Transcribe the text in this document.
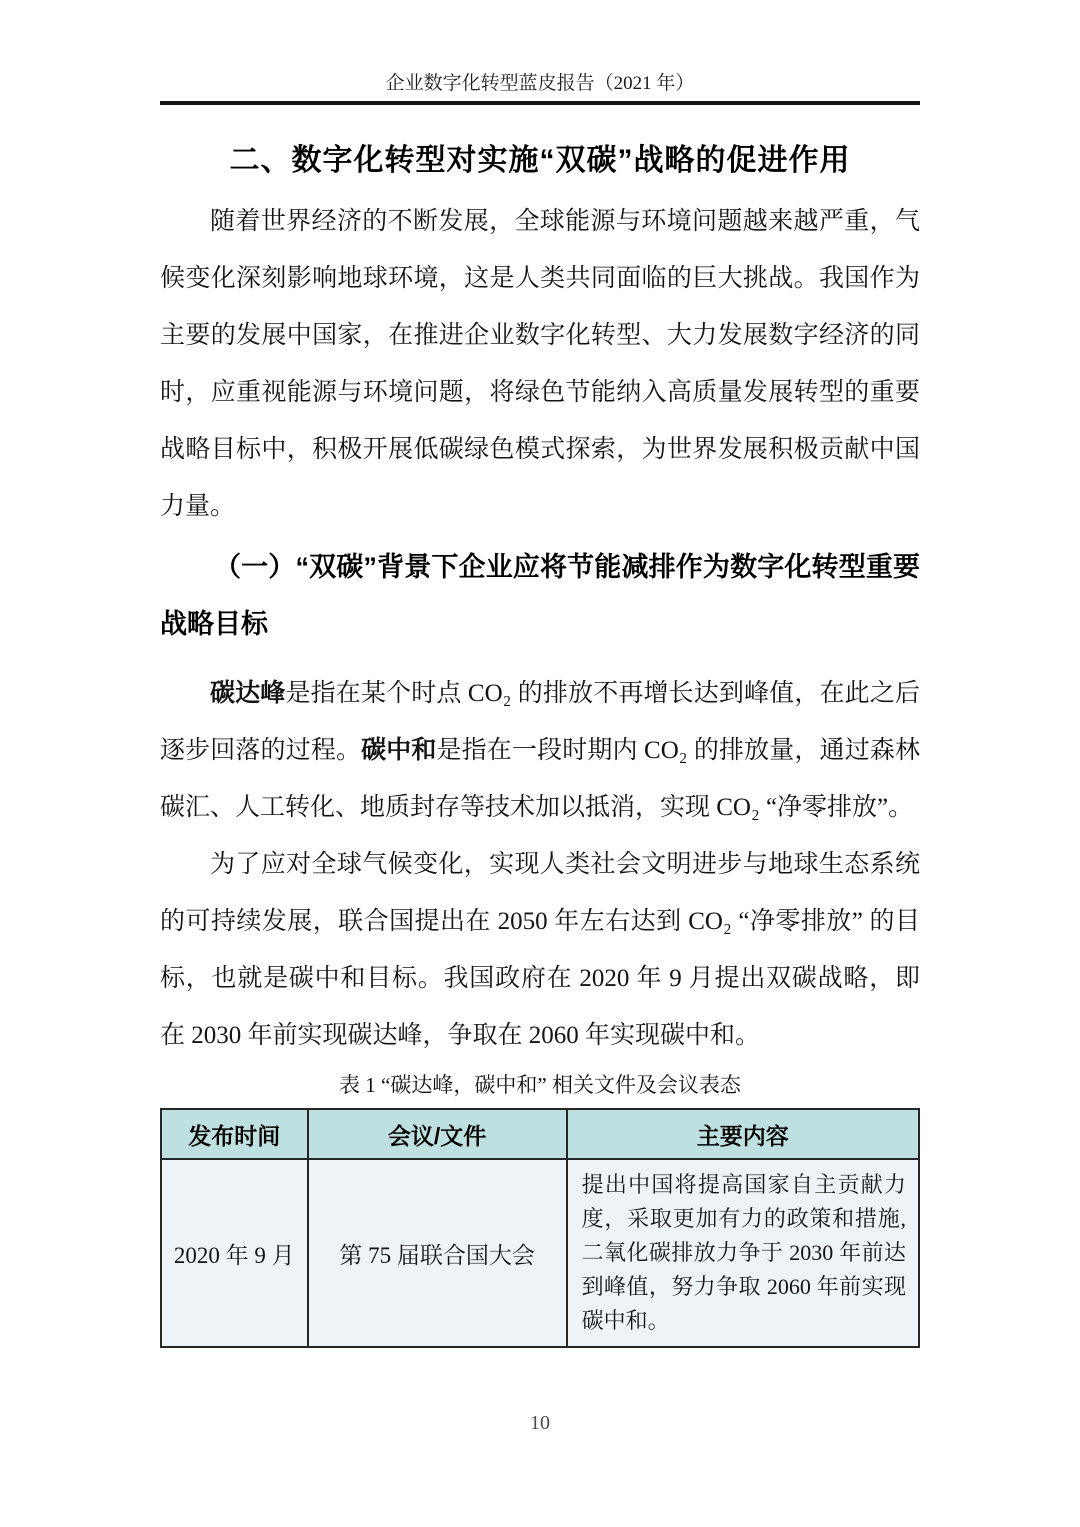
企业数字化转型蓝皮报告（2021 年）
二、数字化转型对实施“双碳”战略的促进作用

随着世界经济的不断发展，全球能源与环境问题越来越严重，气候变化深刻影响地球环境，这是人类共同面临的巨大挑战。我国作为主要的发展中国家，在推进企业数字化转型、大力发展数字经济的同时，应重视能源与环境问题，将绿色节能纳入高质量发展转型的重要战略目标中，积极开展低碳绿色模式探索，为世界发展积极贡献中国力量。

（一）“双碳”背景下企业应将节能减排作为数字化转型重要战略目标

碳达峰是指在某个时点 CO₂ 的排放不再增长达到峰值，在此之后逐步回落的过程。碳中和是指在一段时期内 CO₂ 的排放量，通过森林碳汇、人工转化、地质封存等技术加以抵消，实现 CO₂ “净零排放”。

为了应对全球气候变化，实现人类社会文明进步与地球生态系统的可持续发展，联合国提出在 2050 年左右达到 CO₂ “净零排放” 的目标，也就是碳中和目标。我国政府在 2020 年 9 月提出双碳战略，即在 2030 年前实现碳达峰，争取在 2060 年实现碳中和。

表 1 “碳达峰，碳中和” 相关文件及会议表态
发布时间	会议/文件	主要内容
2020 年 9 月	第 75 届联合国大会	提出中国将提高国家自主贡献力度，采取更加有力的政策和措施,二氧化碳排放力争于 2030 年前达到峰值，努力争取 2060 年前实现碳中和。
10
